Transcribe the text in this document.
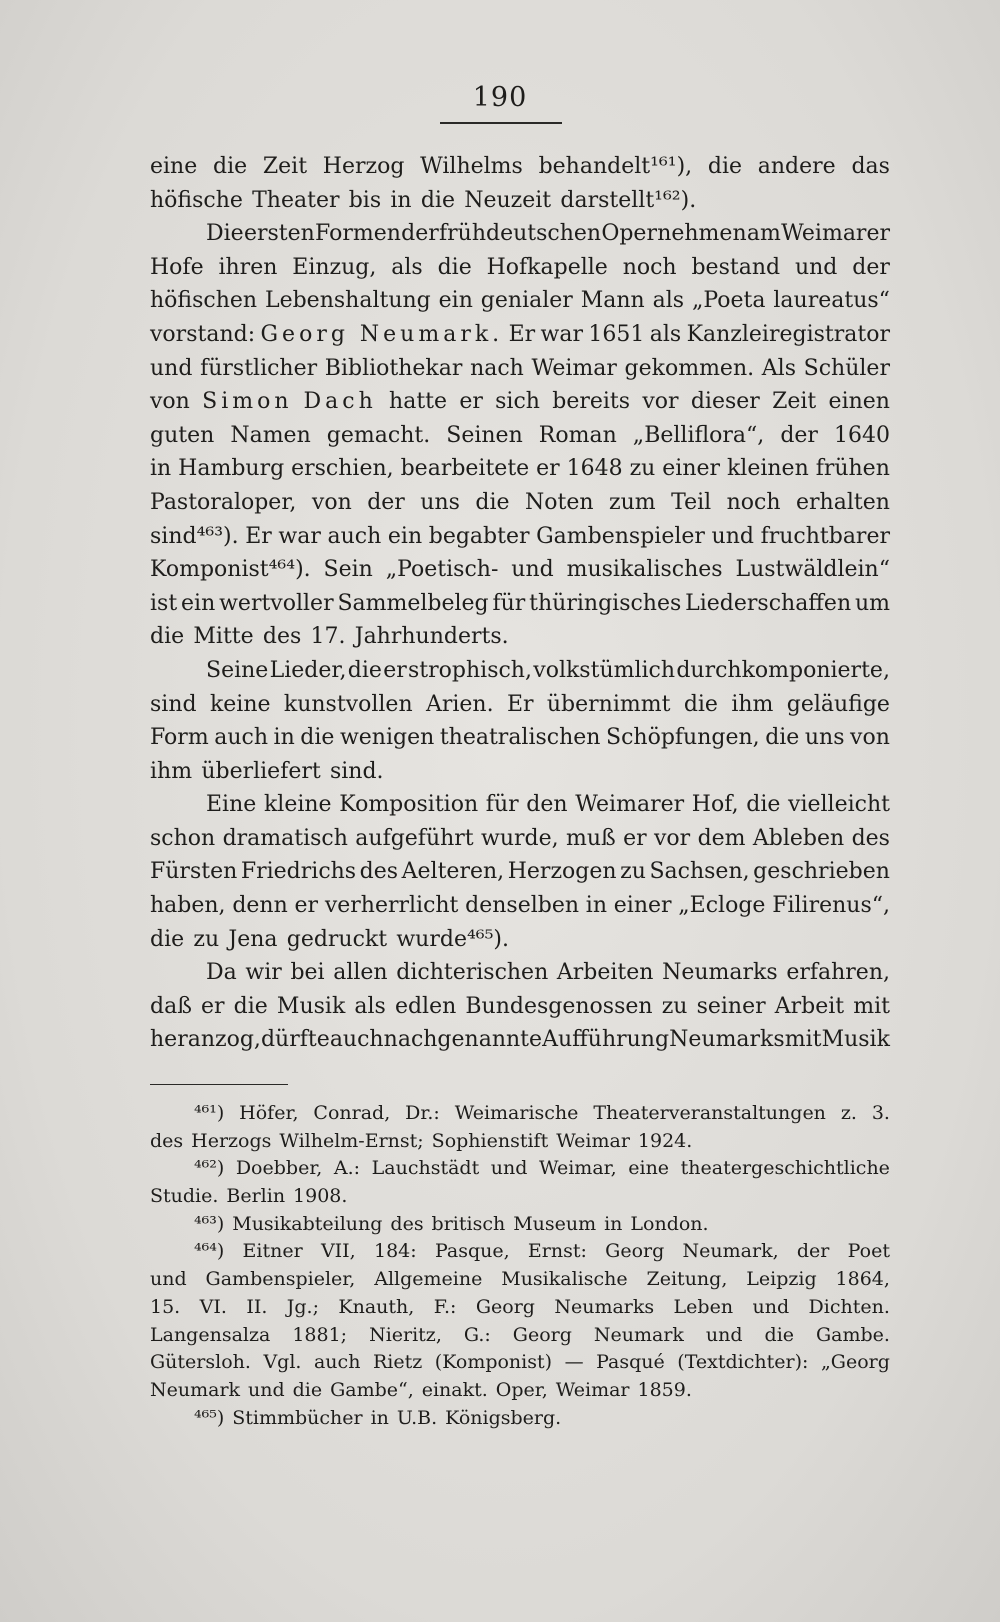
190
eine die Zeit Herzog Wilhelms behandelt¹⁶¹), die andere das
höfische Theater bis in die Neuzeit darstellt¹⁶²).
Die ersten Formen der frühdeutschen Oper nehmen am Weimarer
Hofe ihren Einzug, als die Hofkapelle noch bestand und der
höfischen Lebenshaltung ein genialer Mann als „Poeta laureatus“
vorstand: Georg Neumark. Er war 1651 als Kanzleiregistrator
und fürstlicher Bibliothekar nach Weimar gekommen. Als Schüler
von Simon Dach hatte er sich bereits vor dieser Zeit einen
guten Namen gemacht. Seinen Roman „Belliflora“, der 1640
in Hamburg erschien, bearbeitete er 1648 zu einer kleinen frühen
Pastoraloper, von der uns die Noten zum Teil noch erhalten
sind⁴⁶³). Er war auch ein begabter Gambenspieler und fruchtbarer
Komponist⁴⁶⁴). Sein „Poetisch- und musikalisches Lustwäldlein“
ist ein wertvoller Sammelbeleg für thüringisches Liederschaffen um
die Mitte des 17. Jahrhunderts.
Seine Lieder, die er strophisch, volkstümlich durchkomponierte,
sind keine kunstvollen Arien. Er übernimmt die ihm geläufige
Form auch in die wenigen theatralischen Schöpfungen, die uns von
ihm überliefert sind.
Eine kleine Komposition für den Weimarer Hof, die vielleicht
schon dramatisch aufgeführt wurde, muß er vor dem Ableben des
Fürsten Friedrichs des Aelteren, Herzogen zu Sachsen, geschrieben
haben, denn er verherrlicht denselben in einer „Ecloge Filirenus“,
die zu Jena gedruckt wurde⁴⁶⁵).
Da wir bei allen dichterischen Arbeiten Neumarks erfahren,
daß er die Musik als edlen Bundesgenossen zu seiner Arbeit mit
heranzog, dürfte auch nachgenannte Aufführung Neumarks mit Musik
⁴⁶¹) Höfer, Conrad, Dr.: Weimarische Theaterveranstaltungen z. 3.
des Herzogs Wilhelm-Ernst; Sophienstift Weimar 1924.
⁴⁶²) Doebber, A.: Lauchstädt und Weimar, eine theatergeschichtliche
Studie. Berlin 1908.
⁴⁶³) Musikabteilung des britisch Museum in London.
⁴⁶⁴) Eitner VII, 184: Pasque, Ernst: Georg Neumark, der Poet
und Gambenspieler, Allgemeine Musikalische Zeitung, Leipzig 1864,
15. VI. II. Jg.; Knauth, F.: Georg Neumarks Leben und Dichten.
Langensalza 1881; Nieritz, G.: Georg Neumark und die Gambe.
Gütersloh. Vgl. auch Rietz (Komponist) — Pasqué (Textdichter): „Georg
Neumark und die Gambe“, einakt. Oper, Weimar 1859.
⁴⁶⁵) Stimmbücher in U.B. Königsberg.
